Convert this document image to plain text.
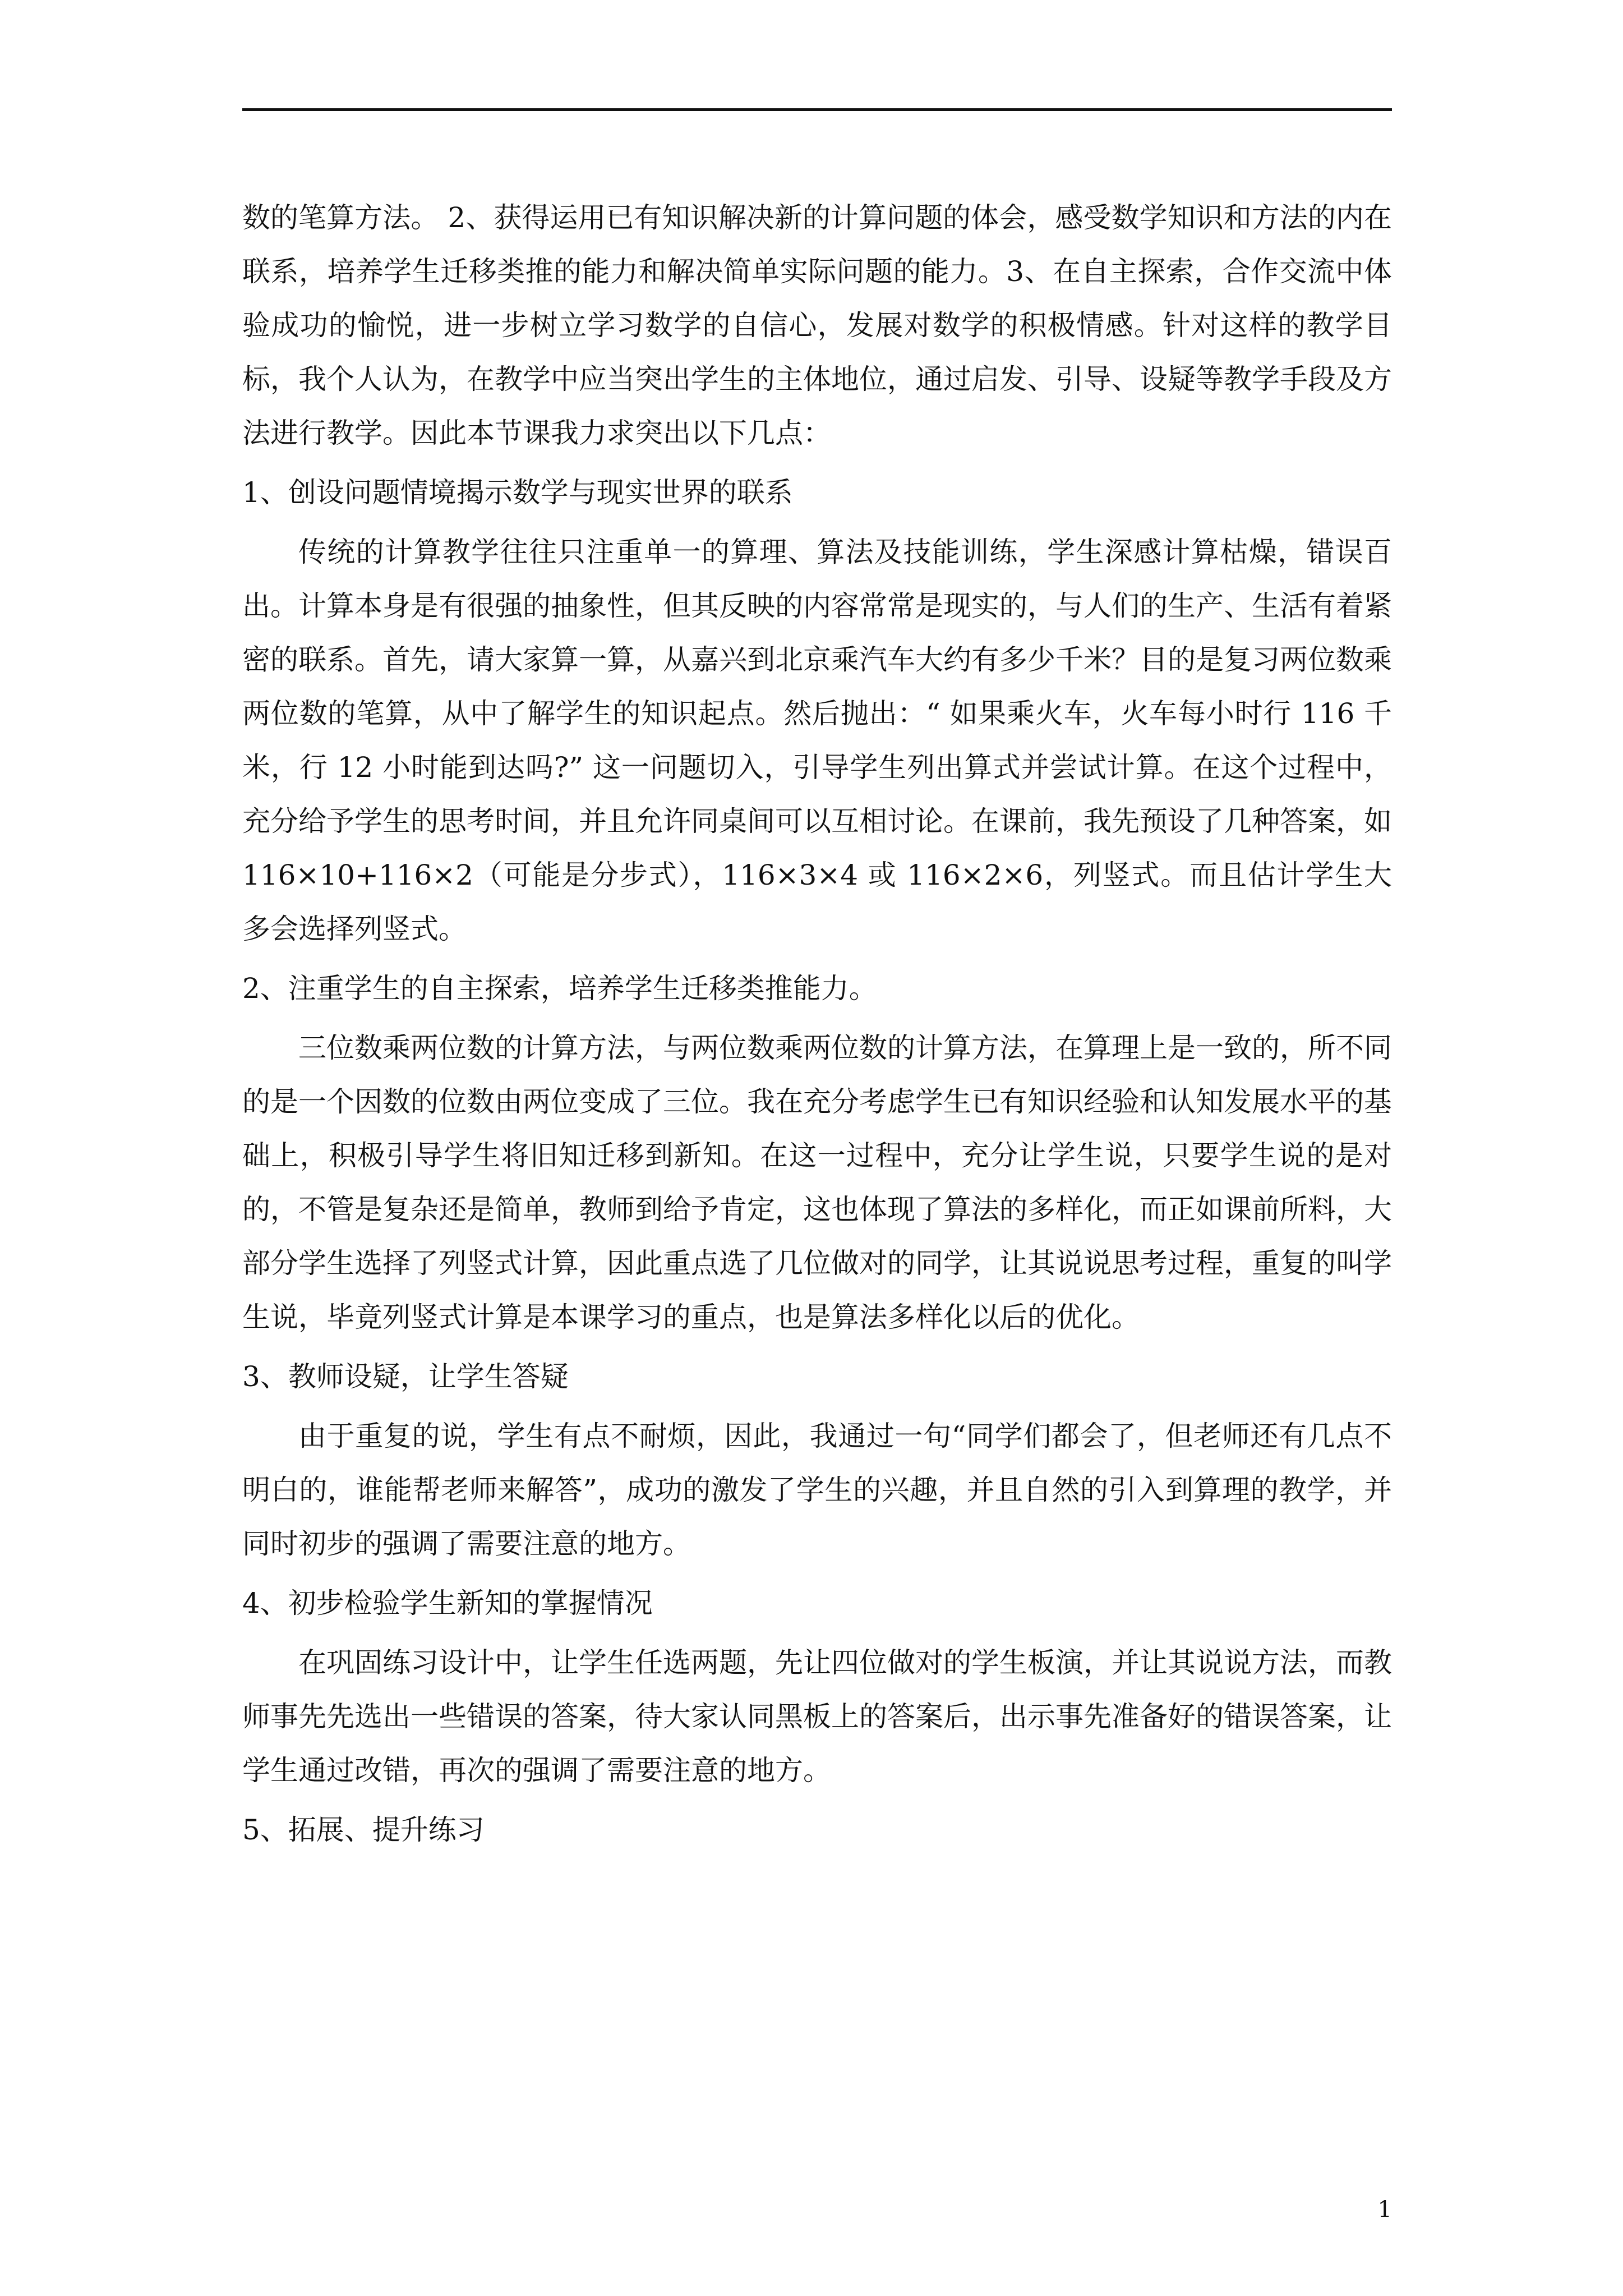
数的笔算方法。 2、获得运用已有知识解决新的计算问题的体会，感受数学知识和方法的内在联系，培养学生迁移类推的能力和解决简单实际问题的能力。3、在自主探索，合作交流中体验成功的愉悦，进一步树立学习数学的自信心，发展对数学的积极情感。针对这样的教学目标，我个人认为，在教学中应当突出学生的主体地位，通过启发、引导、设疑等教学手段及方法进行教学。因此本节课我力求突出以下几点：

1、创设问题情境揭示数学与现实世界的联系

传统的计算教学往往只注重单一的算理、算法及技能训练，学生深感计算枯燥，错误百出。计算本身是有很强的抽象性，但其反映的内容常常是现实的，与人们的生产、生活有着紧密的联系。首先，请大家算一算，从嘉兴到北京乘汽车大约有多少千米？目的是复习两位数乘两位数的笔算，从中了解学生的知识起点。然后抛出：“ 如果乘火车，火车每小时行 116 千米，行 12 小时能到达吗?” 这一问题切入，引导学生列出算式并尝试计算。在这个过程中，充分给予学生的思考时间，并且允许同桌间可以互相讨论。在课前，我先预设了几种答案，如 116×10+116×2（可能是分步式），116×3×4 或 116×2×6，列竖式。而且估计学生大多会选择列竖式。

2、注重学生的自主探索，培养学生迁移类推能力。

三位数乘两位数的计算方法，与两位数乘两位数的计算方法，在算理上是一致的，所不同的是一个因数的位数由两位变成了三位。我在充分考虑学生已有知识经验和认知发展水平的基础上，积极引导学生将旧知迁移到新知。在这一过程中，充分让学生说，只要学生说的是对的，不管是复杂还是简单，教师到给予肯定，这也体现了算法的多样化，而正如课前所料，大部分学生选择了列竖式计算，因此重点选了几位做对的同学，让其说说思考过程，重复的叫学生说，毕竟列竖式计算是本课学习的重点，也是算法多样化以后的优化。

3、教师设疑，让学生答疑

由于重复的说，学生有点不耐烦，因此，我通过一句“同学们都会了，但老师还有几点不明白的，谁能帮老师来解答”，成功的激发了学生的兴趣，并且自然的引入到算理的教学，并同时初步的强调了需要注意的地方。

4、初步检验学生新知的掌握情况

在巩固练习设计中，让学生任选两题，先让四位做对的学生板演，并让其说说方法，而教师事先先选出一些错误的答案，待大家认同黑板上的答案后，出示事先准备好的错误答案，让学生通过改错，再次的强调了需要注意的地方。

5、拓展、提升练习

1
